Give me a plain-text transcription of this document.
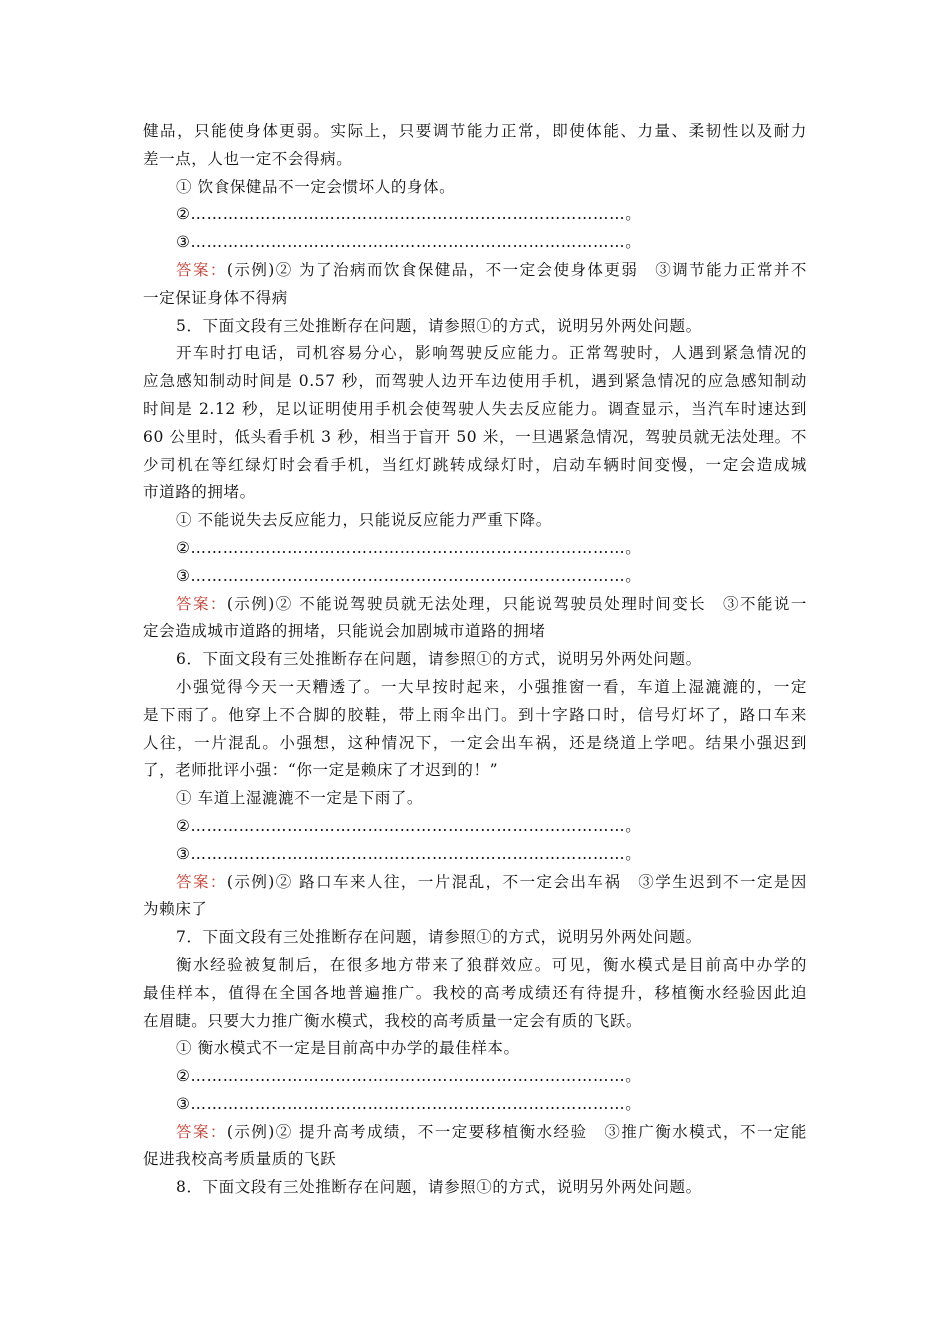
健品，只能使身体更弱。实际上，只要调节能力正常，即使体能、力量、柔韧性以及耐力
差一点，人也一定不会得病。
① 饮食保健品不一定会惯坏人的身体。
②………………………………………………………………………。
③………………………………………………………………………。
答案：(示例)② 为了治病而饮食保健品，不一定会使身体更弱　③调节能力正常并不
一定保证身体不得病
5．下面文段有三处推断存在问题，请参照①的方式，说明另外两处问题。
开车时打电话，司机容易分心，影响驾驶反应能力。正常驾驶时，人遇到紧急情况的
应急感知制动时间是 0.57 秒，而驾驶人边开车边使用手机，遇到紧急情况的应急感知制动
时间是 2.12 秒，足以证明使用手机会使驾驶人失去反应能力。调查显示，当汽车时速达到
60 公里时，低头看手机 3 秒，相当于盲开 50 米，一旦遇紧急情况，驾驶员就无法处理。不
少司机在等红绿灯时会看手机，当红灯跳转成绿灯时，启动车辆时间变慢，一定会造成城
市道路的拥堵。
① 不能说失去反应能力，只能说反应能力严重下降。
②………………………………………………………………………。
③………………………………………………………………………。
答案：(示例)② 不能说驾驶员就无法处理，只能说驾驶员处理时间变长　③不能说一
定会造成城市道路的拥堵，只能说会加剧城市道路的拥堵
6．下面文段有三处推断存在问题，请参照①的方式，说明另外两处问题。
小强觉得今天一天糟透了。一大早按时起来，小强推窗一看，车道上湿漉漉的，一定
是下雨了。他穿上不合脚的胶鞋，带上雨伞出门。到十字路口时，信号灯坏了，路口车来
人往，一片混乱。小强想，这种情况下，一定会出车祸，还是绕道上学吧。结果小强迟到
了，老师批评小强：“你一定是赖床了才迟到的！”
① 车道上湿漉漉不一定是下雨了。
②………………………………………………………………………。
③………………………………………………………………………。
答案：(示例)② 路口车来人往，一片混乱，不一定会出车祸　③学生迟到不一定是因
为赖床了
7．下面文段有三处推断存在问题，请参照①的方式，说明另外两处问题。
衡水经验被复制后，在很多地方带来了狼群效应。可见，衡水模式是目前高中办学的
最佳样本，值得在全国各地普遍推广。我校的高考成绩还有待提升，移植衡水经验因此迫
在眉睫。只要大力推广衡水模式，我校的高考质量一定会有质的飞跃。
① 衡水模式不一定是目前高中办学的最佳样本。
②………………………………………………………………………。
③………………………………………………………………………。
答案：(示例)② 提升高考成绩，不一定要移植衡水经验　③推广衡水模式，不一定能
促进我校高考质量质的飞跃
8．下面文段有三处推断存在问题，请参照①的方式，说明另外两处问题。
